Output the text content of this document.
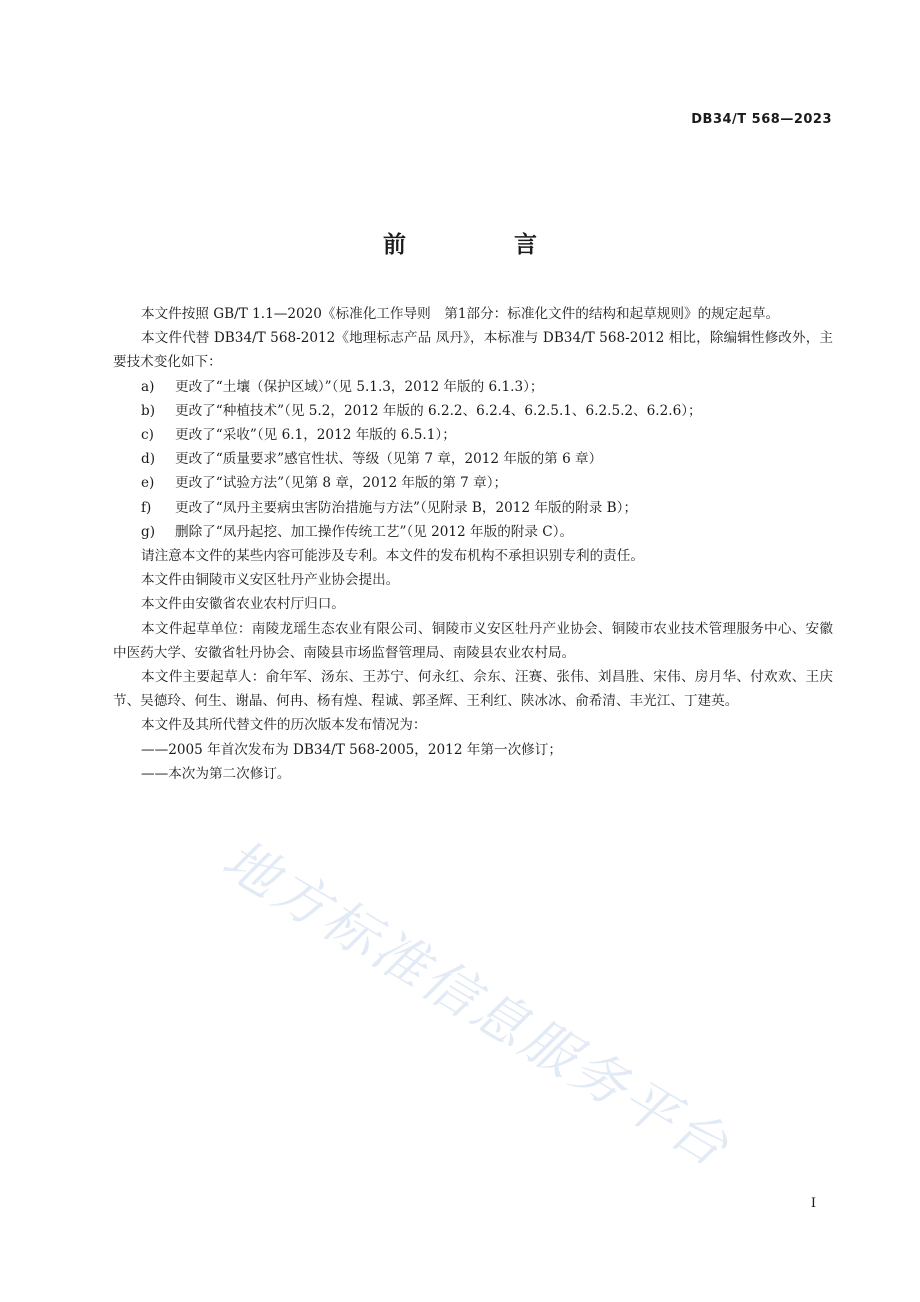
DB34/T 568—2023
前 言

本文件按照 GB/T 1.1—2020《标准化工作导则　第1部分：标准化文件的结构和起草规则》的规定起草。

本文件代替 DB34/T 568-2012《地理标志产品 凤丹》，本标准与 DB34/T 568-2012 相比，除编辑性修改外，主要技术变化如下：

a) 更改了“土壤（保护区域）”（见 5.1.3，2012 年版的 6.1.3）；

b) 更改了“种植技术”（见 5.2，2012 年版的 6.2.2、6.2.4、6.2.5.1、6.2.5.2、6.2.6）；

c) 更改了“采收”（见 6.1，2012 年版的 6.5.1）；

d) 更改了“质量要求”感官性状、等级（见第 7 章，2012 年版的第 6 章）

e) 更改了“试验方法”（见第 8 章，2012 年版的第 7 章）；

f) 更改了“凤丹主要病虫害防治措施与方法”（见附录 B，2012 年版的附录 B）；

g) 删除了“凤丹起挖、加工操作传统工艺”（见 2012 年版的附录 C）。

请注意本文件的某些内容可能涉及专利。本文件的发布机构不承担识别专利的责任。

本文件由铜陵市义安区牡丹产业协会提出。

本文件由安徽省农业农村厅归口。

本文件起草单位：南陵龙瑶生态农业有限公司、铜陵市义安区牡丹产业协会、铜陵市农业技术管理服务中心、安徽中医药大学、安徽省牡丹协会、南陵县市场监督管理局、南陵县农业农村局。

本文件主要起草人：俞年军、汤东、王苏宁、何永红、佘东、汪赛、张伟、刘昌胜、宋伟、房月华、付欢欢、王庆节、吴德玲、何生、谢晶、何冉、杨有煌、程诚、郭圣辉、王利红、陕冰冰、俞希清、丰光江、丁建英。

本文件及其所代替文件的历次版本发布情况为：

——2005 年首次发布为 DB34/T 568-2005，2012 年第一次修订；

——本次为第二次修订。

地方标准信息服务平台
I
